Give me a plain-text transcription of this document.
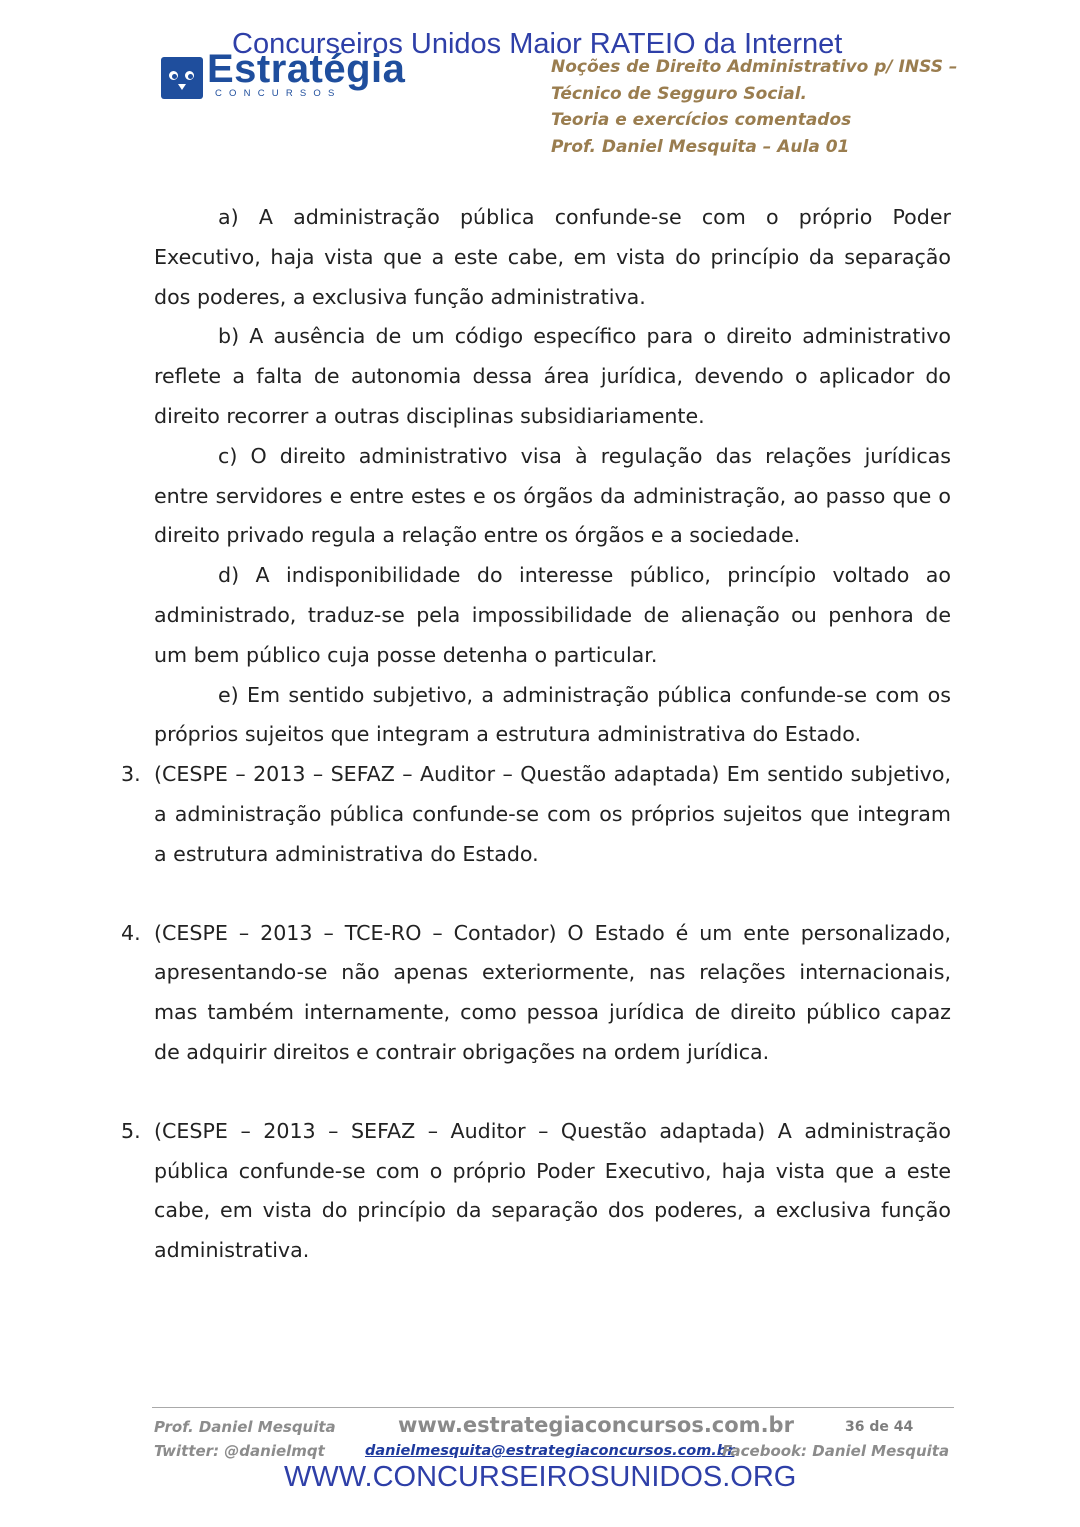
Concurseiros Unidos Maior RATEIO da Internet
Estratégia
CONCURSOS
Noções de Direito Administrativo p/ INSS –
Técnico de Segguro Social.
Teoria e exercícios comentados
Prof. Daniel Mesquita – Aula 01

a) A administração pública confunde-se com o próprio Poder Executivo, haja vista que a este cabe, em vista do princípio da separação dos poderes, a exclusiva função administrativa.

b) A ausência de um código específico para o direito administrativo reflete a falta de autonomia dessa área jurídica, devendo o aplicador do direito recorrer a outras disciplinas subsidiariamente.

c) O direito administrativo visa à regulação das relações jurídicas entre servidores e entre estes e os órgãos da administração, ao passo que o direito privado regula a relação entre os órgãos e a sociedade.

d) A indisponibilidade do interesse público, princípio voltado ao administrado, traduz-se pela impossibilidade de alienação ou penhora de um bem público cuja posse detenha o particular.

e) Em sentido subjetivo, a administração pública confunde-se com os próprios sujeitos que integram a estrutura administrativa do Estado.

3. (CESPE – 2013 – SEFAZ – Auditor – Questão adaptada) Em sentido subjetivo, a administração pública confunde-se com os próprios sujeitos que integram a estrutura administrativa do Estado.

4. (CESPE – 2013 – TCE-RO – Contador) O Estado é um ente personalizado, apresentando-se não apenas exteriormente, nas relações internacionais, mas também internamente, como pessoa jurídica de direito público capaz de adquirir direitos e contrair obrigações na ordem jurídica.

5. (CESPE – 2013 – SEFAZ – Auditor – Questão adaptada) A administração pública confunde-se com o próprio Poder Executivo, haja vista que a este cabe, em vista do princípio da separação dos poderes, a exclusiva função administrativa.

Prof. Daniel Mesquita	www.estrategiaconcursos.com.br	36 de 44
Twitter: @danielmqt	danielmesquita@estrategiaconcursos.com.br
Facebook: Daniel Mesquita
WWW.CONCURSEIROSUNIDOS.ORG
